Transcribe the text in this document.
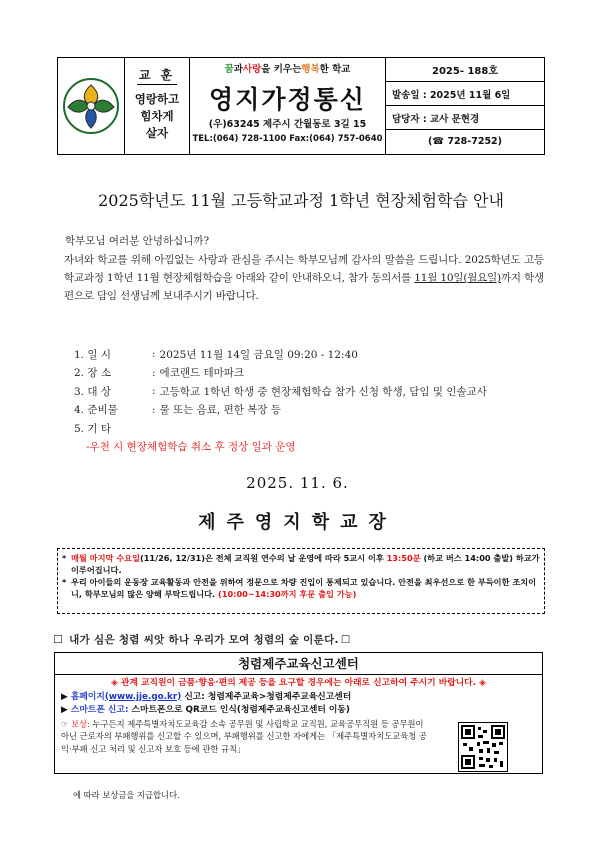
교 훈
영랑하고
힘차게
살자
꿈 과 사랑 을 키우는 행복 한 학교
영지가정통신
(우)63245 제주시 간월동로 3길 15
TEL:(064) 728-1100 Fax:(064) 757-0640
2025- 188호
발송일 : 2025년 11월 6일
담당자 : 교사 문현경
(☎ 728-7252)
2025학년도 11월 고등학교과정 1학년 현장체험학습 안내
학부모님 여러분 안녕하십니까?
자녀와 학교를 위해 아낌없는 사랑과 관심을 주시는 학부모님께 감사의 말씀을 드립니다. 2025학년도 고등학교과정 1학년 11월 현장체험학습을 아래와 같이 안내하오니, 참가 동의서를 11월 10일(월요일)까지 학생 편으로 담임 선생님께 보내주시기 바랍니다.
1. 일 시	: 2025년 11월 14일 금요일 09:20 - 12:40
2. 장 소	: 에코랜드 테마파크
3. 대 상	: 고등학교 1학년 학생 중 현장체험학습 참가 신청 학생, 담임 및 인솔교사
4. 준비물	: 물 또는 음료, 편한 복장 등
5. 기 타
-우천 시 현장체험학습 취소 후 정상 일과 운영
2025. 11. 6.
제주영지학교장
* 매월 마지막 수요일(11/26, 12/31)은 전체 교직원 연수의 날 운영에 따라 5교시 이후 13:50분 (하교 버스 14:00 출발) 하교가 이루어집니다.
* 우리 아이들의 운동장 교육활동과 안전을 위하여 정문으로 차량 진입이 통제되고 있습니다. 안전을 최우선으로 한 부득이한 조치이니, 학부모님의 많은 양해 부탁드립니다. (10:00~14:30까지 후문 출입 가능)
☐ 내가 심은 청렴 씨앗 하나 우리가 모여 청렴의 숲 이룬다. ☐
청렴제주교육신고센터
◈ 관계 교직원이 금품·향응·편의 제공 등을 요구할 경우에는 아래로 신고하여 주시기 바랍니다. ◈
▶ 홈페이지(www.jje.go.kr) 신고: 청렴제주교육>청렴제주교육신고센터
▶ 스마트폰 신고: 스마트폰으로 QR코드 인식(청렴제주교육신고센터 이동)
☞ 보상: 누구든지 제주특별자치도교육감 소속 공무원 및 사립학교 교직원, 교육공무직원 등 공무원이 아닌 근로자의 부패행위를 신고할 수 있으며, 부패행위를 신고한 자에게는 「제주특별자치도교육청 공익·부패 신고 처리 및 신고자 보호 등에 관한 규칙」
에 따라 보상금을 지급합니다.
